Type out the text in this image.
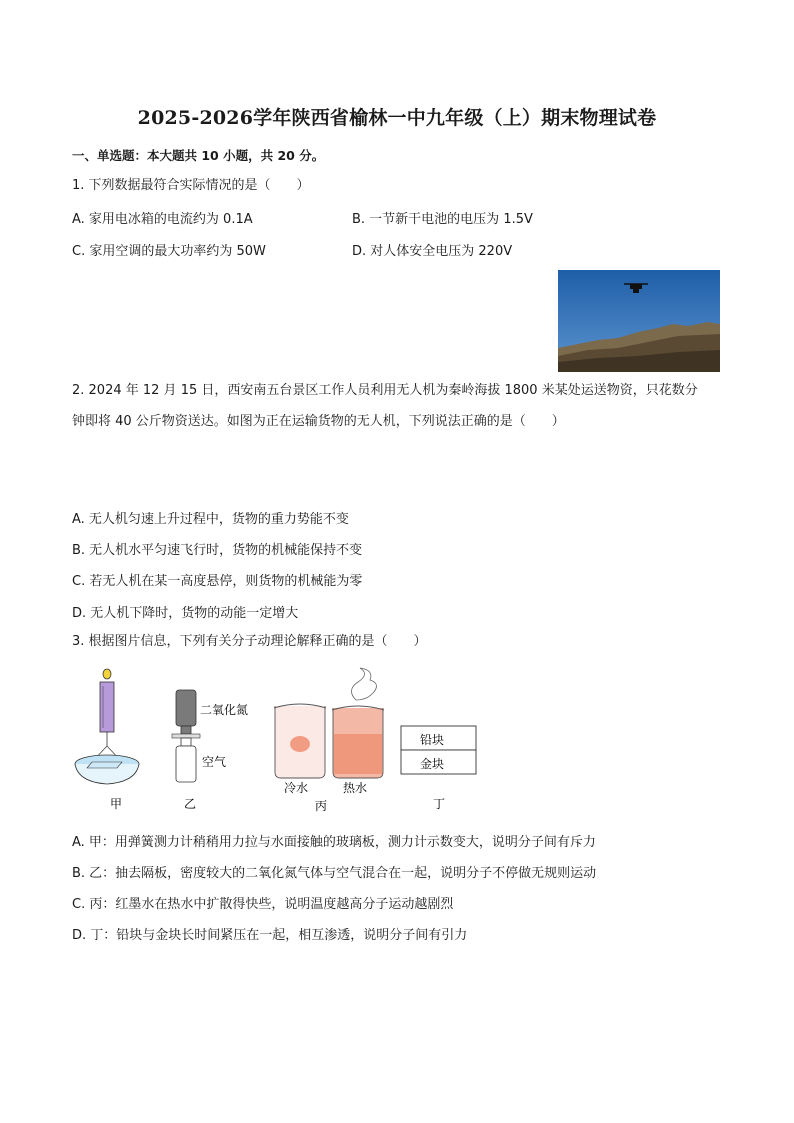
2025-2026学年陕西省榆林一中九年级（上）期末物理试卷
一、单选题：本大题共 10 小题，共 20 分。
1. 下列数据最符合实际情况的是（　　）
A. 家用电冰箱的电流约为 0.1A	B. 一节新干电池的电压为 1.5V
C. 家用空调的最大功率约为 50W	D. 对人体安全电压为 220V
2. 2024 年 12 月 15 日，西安南五台景区工作人员利用无人机为秦岭海拔 1800 米某处运送物资，只花数分
钟即将 40 公斤物资送达。如图为正在运输货物的无人机，下列说法正确的是（　　）
A. 无人机匀速上升过程中，货物的重力势能不变
B. 无人机水平匀速飞行时，货物的机械能保持不变
C. 若无人机在某一高度悬停，则货物的机械能为零
D. 无人机下降时，货物的动能一定增大
3. 根据图片信息，下列有关分子动理论解释正确的是（　　）
二氧化氮
空气
冷水	热水
铅块
金块
甲	乙	丙	丁
A. 甲：用弹簧测力计稍稍用力拉与水面接触的玻璃板，测力计示数变大，说明分子间有斥力
B. 乙：抽去隔板，密度较大的二氧化氮气体与空气混合在一起，说明分子不停做无规则运动
C. 丙：红墨水在热水中扩散得快些，说明温度越高分子运动越剧烈
D. 丁：铅块与金块长时间紧压在一起，相互渗透，说明分子间有引力
